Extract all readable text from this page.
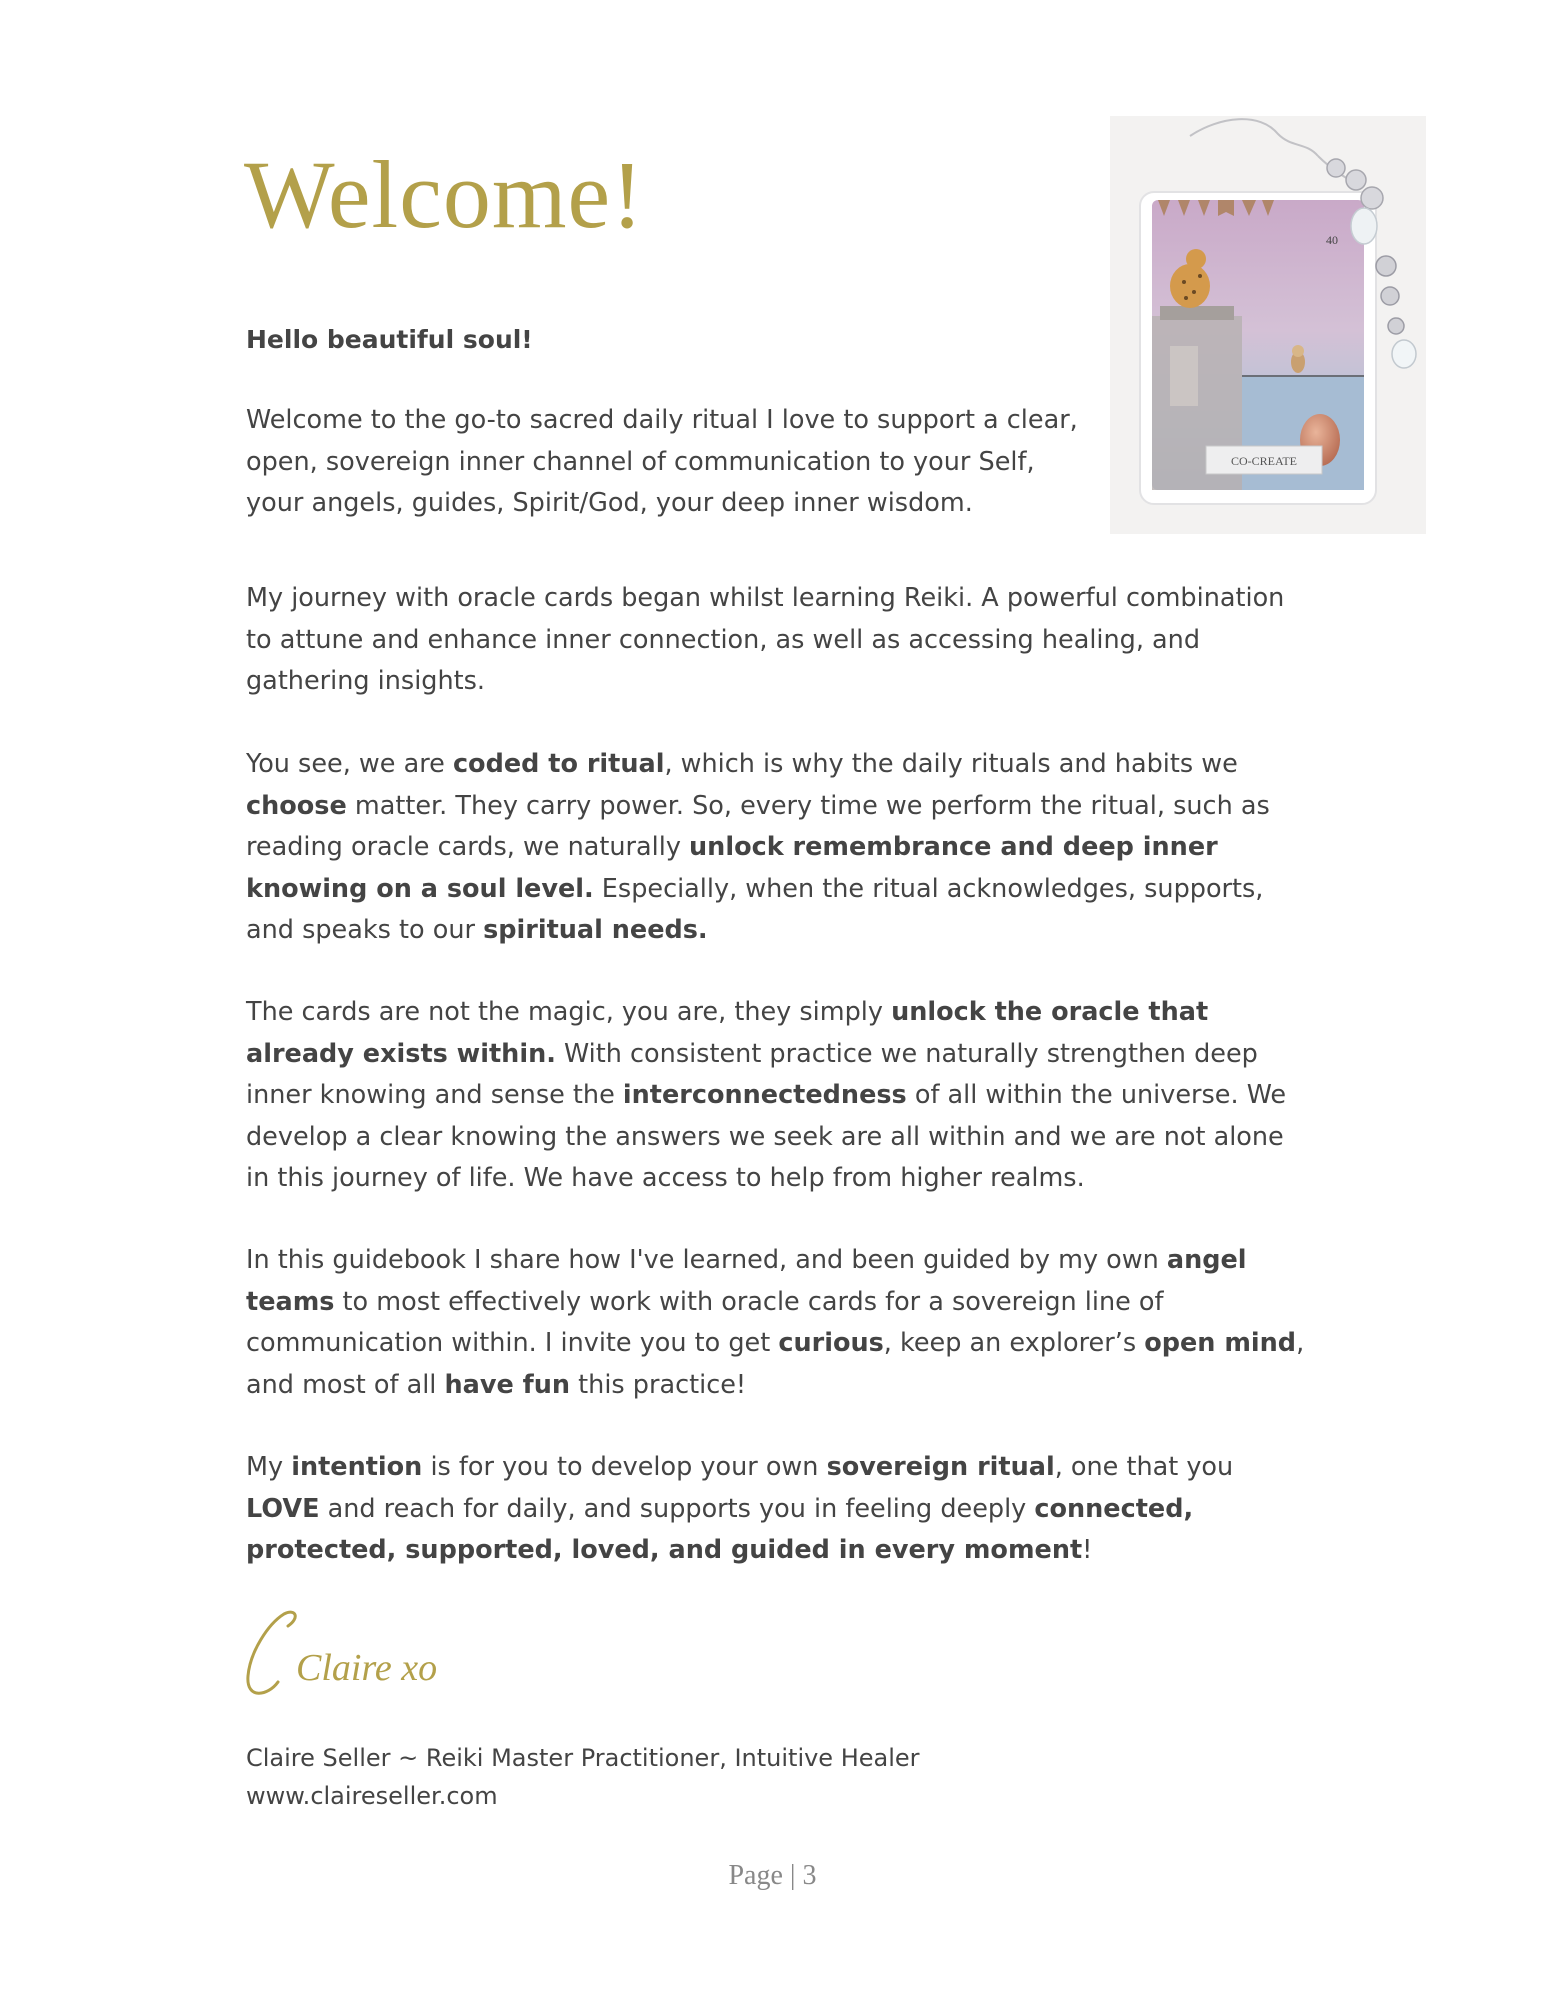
Welcome!
CO-CREATE
40

Hello beautiful soul!

Welcome to the go-to sacred daily ritual I love to support a clear, open, sovereign inner channel of communication to your Self, your angels, guides, Spirit/God, your deep inner wisdom.

My journey with oracle cards began whilst learning Reiki. A powerful combination to attune and enhance inner connection, as well as accessing healing, and gathering insights.

You see, we are coded to ritual, which is why the daily rituals and habits we choose matter. They carry power. So, every time we perform the ritual, such as reading oracle cards, we naturally unlock remembrance and deep inner knowing on a soul level. Especially, when the ritual acknowledges, supports, and speaks to our spiritual needs.

The cards are not the magic, you are, they simply unlock the oracle that already exists within. With consistent practice we naturally strengthen deep inner knowing and sense the interconnectedness of all within the universe. We develop a clear knowing the answers we seek are all within and we are not alone in this journey of life. We have access to help from higher realms.

In this guidebook I share how I've learned, and been guided by my own angel teams to most effectively work with oracle cards for a sovereign line of communication within. I invite you to get curious, keep an explorer’s open mind, and most of all have fun this practice!

My intention is for you to develop your own sovereign ritual, one that you LOVE and reach for daily, and supports you in feeling deeply connected, protected, supported, loved, and guided in every moment!

Claire xo

Claire Seller ~ Reiki Master Practitioner, Intuitive Healer

www.claireseller.com

Page | 3
